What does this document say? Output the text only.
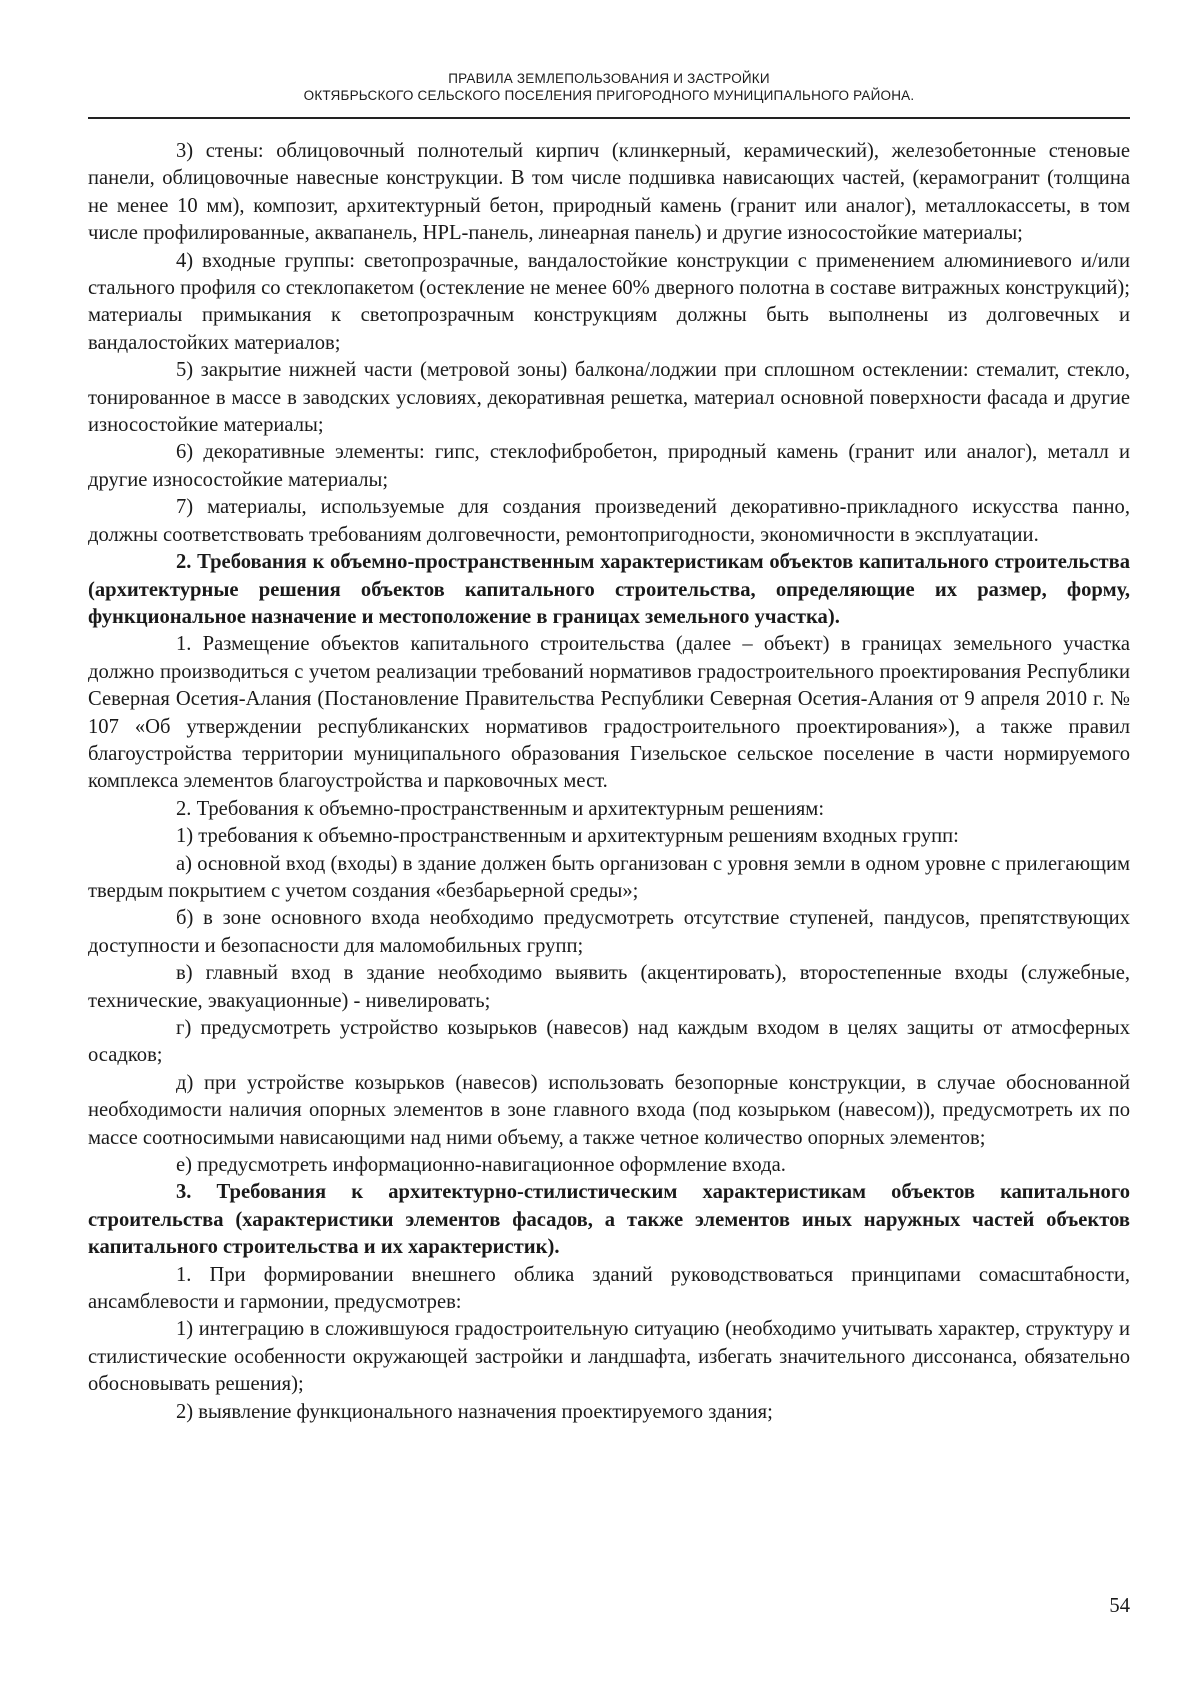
ПРАВИЛА ЗЕМЛЕПОЛЬЗОВАНИЯ И ЗАСТРОЙКИ
ОКТЯБРЬСКОГО СЕЛЬСКОГО ПОСЕЛЕНИЯ ПРИГОРОДНОГО МУНИЦИПАЛЬНОГО РАЙОНА.

3) стены: облицовочный полнотелый кирпич (клинкерный, керамический), железобетонные стеновые панели, облицовочные навесные конструкции. В том числе подшивка нависающих частей, (керамогранит (толщина не менее 10 мм), композит, архитектурный бетон, природный камень (гранит или аналог), металлокассеты, в том числе профилированные, аквапанель, HPL-панель, линеарная панель) и другие износостойкие материалы;

4) входные группы: светопрозрачные, вандалостойкие конструкции с применением алюминиевого и/или стального профиля со стеклопакетом (остекление не менее 60% дверного полотна в составе витражных конструкций); материалы примыкания к светопрозрачным конструкциям должны быть выполнены из долговечных и вандалостойких материалов;

5) закрытие нижней части (метровой зоны) балкона/лоджии при сплошном остеклении: стемалит, стекло, тонированное в массе в заводских условиях, декоративная решетка, материал основной поверхности фасада и другие износостойкие материалы;

6) декоративные элементы: гипс, стеклофибробетон, природный камень (гранит или аналог), металл и другие износостойкие материалы;

7) материалы, используемые для создания произведений декоративно-прикладного искусства панно, должны соответствовать требованиям долговечности, ремонтопригодности, экономичности в эксплуатации.

2. Требования к объемно-пространственным характеристикам объектов капитального строительства (архитектурные решения объектов капитального строительства, определяющие их размер, форму, функциональное назначение и местоположение в границах земельного участка).

1. Размещение объектов капитального строительства (далее – объект) в границах земельного участка должно производиться с учетом реализации требований нормативов градостроительного проектирования Республики Северная Осетия-Алания (Постановление Правительства Республики Северная Осетия-Алания от 9 апреля 2010 г. № 107 «Об утверждении республиканских нормативов градостроительного проектирования»), а также правил благоустройства территории муниципального образования Гизельское сельское поселение в части нормируемого комплекса элементов благоустройства и парковочных мест.

2. Требования к объемно-пространственным и архитектурным решениям:

1) требования к объемно-пространственным и архитектурным решениям входных групп:

а) основной вход (входы) в здание должен быть организован с уровня земли в одном уровне с прилегающим твердым покрытием с учетом создания «безбарьерной среды»;

б) в зоне основного входа необходимо предусмотреть отсутствие ступеней, пандусов, препятствующих доступности и безопасности для маломобильных групп;

в) главный вход в здание необходимо выявить (акцентировать), второстепенные входы (служебные, технические, эвакуационные) - нивелировать;

г) предусмотреть устройство козырьков (навесов) над каждым входом в целях защиты от атмосферных осадков;

д) при устройстве козырьков (навесов) использовать безопорные конструкции, в случае обоснованной необходимости наличия опорных элементов в зоне главного входа (под козырьком (навесом)), предусмотреть их по массе соотносимыми нависающими над ними объему, а также четное количество опорных элементов;

е) предусмотреть информационно-навигационное оформление входа.

3. Требования к архитектурно-стилистическим характеристикам объектов капитального строительства (характеристики элементов фасадов, а также элементов иных наружных частей объектов капитального строительства и их характеристик).

1. При формировании внешнего облика зданий руководствоваться принципами сомасштабности, ансамблевости и гармонии, предусмотрев:

1) интеграцию в сложившуюся градостроительную ситуацию (необходимо учитывать характер, структуру и стилистические особенности окружающей застройки и ландшафта, избегать значительного диссонанса, обязательно обосновывать решения);

2) выявление функционального назначения проектируемого здания;

54
